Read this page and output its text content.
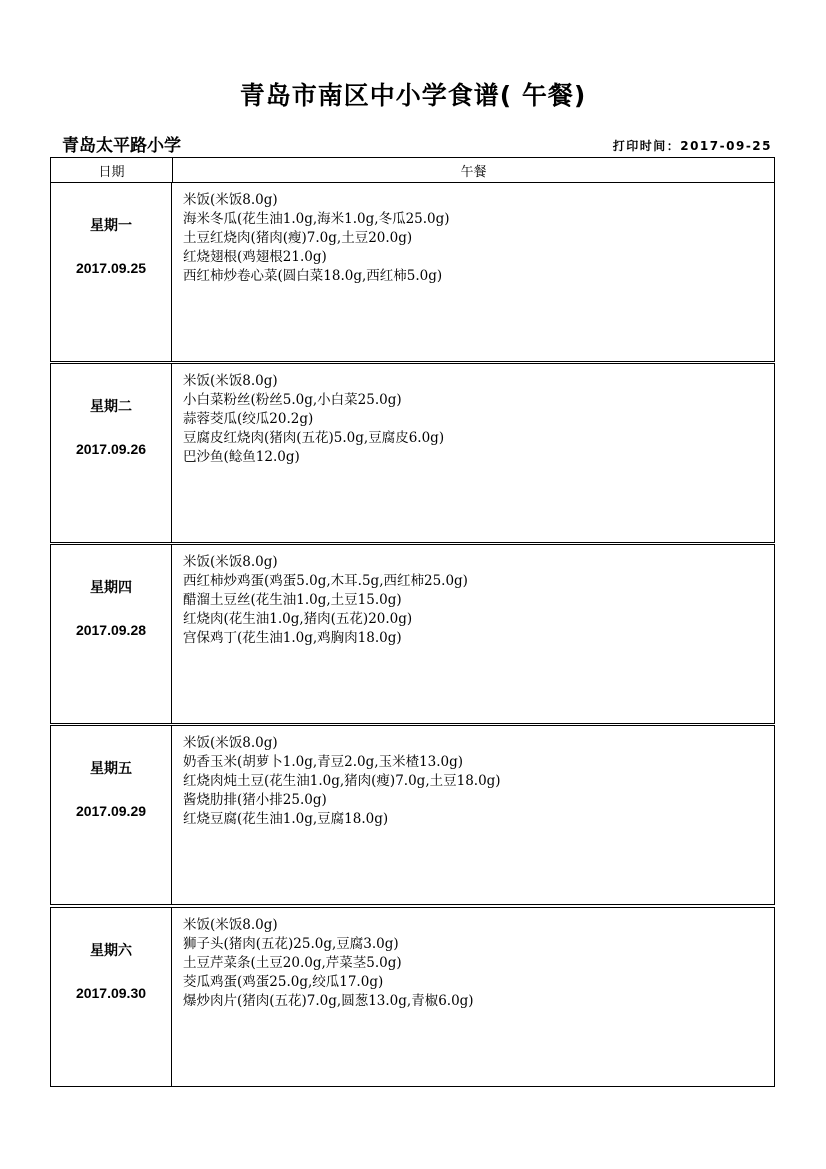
青岛市南区中小学食谱( 午餐)
青岛太平路小学	打印时间：2017-09-25
日期	午餐
星期一
2017.09.25
米饭(米饭8.0g)
海米冬瓜(花生油1.0g,海米1.0g,冬瓜25.0g)
土豆红烧肉(猪肉(瘦)7.0g,土豆20.0g)
红烧翅根(鸡翅根21.0g)
西红柿炒卷心菜(圆白菜18.0g,西红柿5.0g)
星期二
2017.09.26
米饭(米饭8.0g)
小白菜粉丝(粉丝5.0g,小白菜25.0g)
蒜蓉茭瓜(绞瓜20.2g)
豆腐皮红烧肉(猪肉(五花)5.0g,豆腐皮6.0g)
巴沙鱼(鲶鱼12.0g)
星期四
2017.09.28
米饭(米饭8.0g)
西红柿炒鸡蛋(鸡蛋5.0g,木耳.5g,西红柿25.0g)
醋溜土豆丝(花生油1.0g,土豆15.0g)
红烧肉(花生油1.0g,猪肉(五花)20.0g)
宫保鸡丁(花生油1.0g,鸡胸肉18.0g)
星期五
2017.09.29
米饭(米饭8.0g)
奶香玉米(胡萝卜1.0g,青豆2.0g,玉米楂13.0g)
红烧肉炖土豆(花生油1.0g,猪肉(瘦)7.0g,土豆18.0g)
酱烧肋排(猪小排25.0g)
红烧豆腐(花生油1.0g,豆腐18.0g)
星期六
2017.09.30
米饭(米饭8.0g)
狮子头(猪肉(五花)25.0g,豆腐3.0g)
土豆芹菜条(土豆20.0g,芹菜茎5.0g)
茭瓜鸡蛋(鸡蛋25.0g,绞瓜17.0g)
爆炒肉片(猪肉(五花)7.0g,圆葱13.0g,青椒6.0g)
